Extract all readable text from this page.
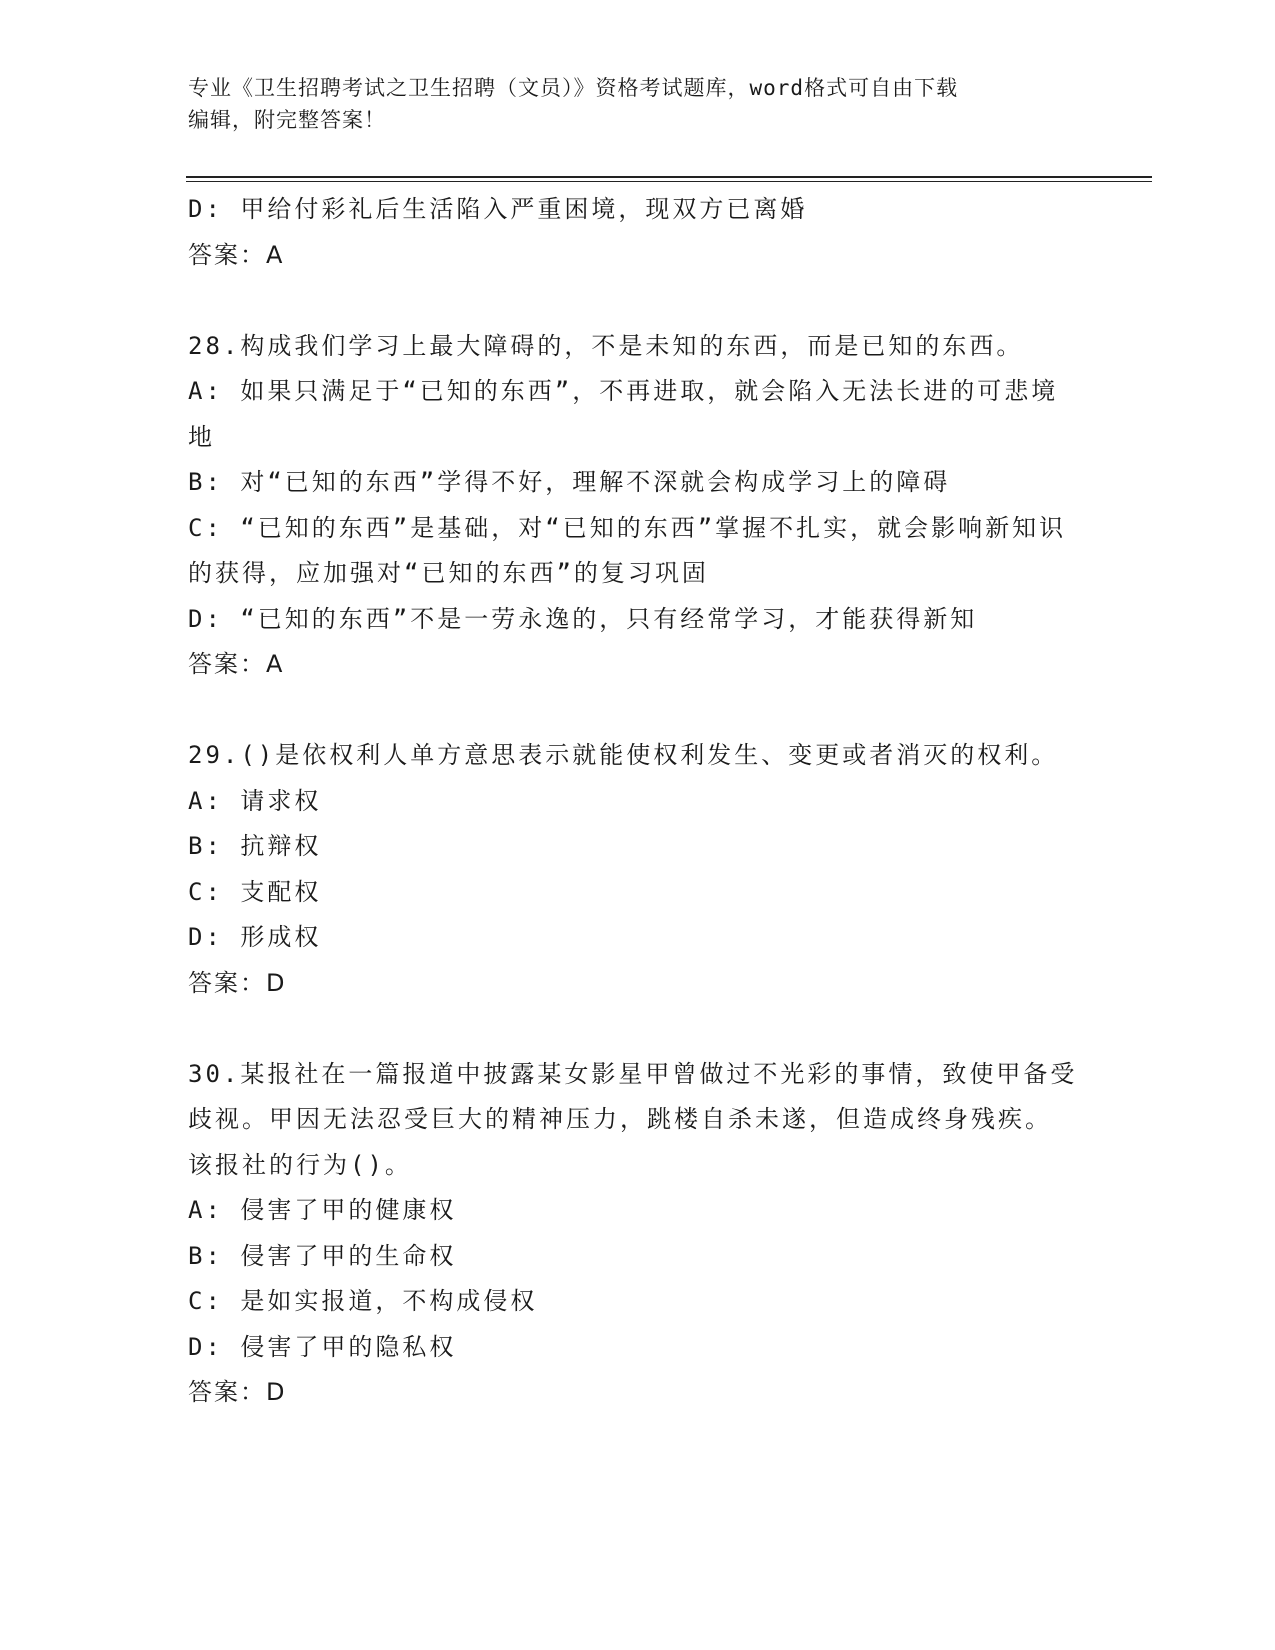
专业《卫生招聘考试之卫生招聘（文员）》资格考试题库，word格式可自由下载
编辑，附完整答案！
D: 甲给付彩礼后生活陷入严重困境，现双方已离婚
答案：A
28.构成我们学习上最大障碍的，不是未知的东西，而是已知的东西。
A: 如果只满足于“已知的东西”，不再进取，就会陷入无法长进的可悲境地
B: 对“已知的东西”学得不好，理解不深就会构成学习上的障碍
C: “已知的东西”是基础，对“已知的东西”掌握不扎实，就会影响新知识的获得，应加强对“已知的东西”的复习巩固
D: “已知的东西”不是一劳永逸的，只有经常学习，才能获得新知
答案：A
29.()是依权利人单方意思表示就能使权利发生、变更或者消灭的权利。
A: 请求权
B: 抗辩权
C: 支配权
D: 形成权
答案：D
30.某报社在一篇报道中披露某女影星甲曾做过不光彩的事情，致使甲备受歧视。甲因无法忍受巨大的精神压力，跳楼自杀未遂，但造成终身残疾。该报社的行为()。
A: 侵害了甲的健康权
B: 侵害了甲的生命权
C: 是如实报道，不构成侵权
D: 侵害了甲的隐私权
答案：D
